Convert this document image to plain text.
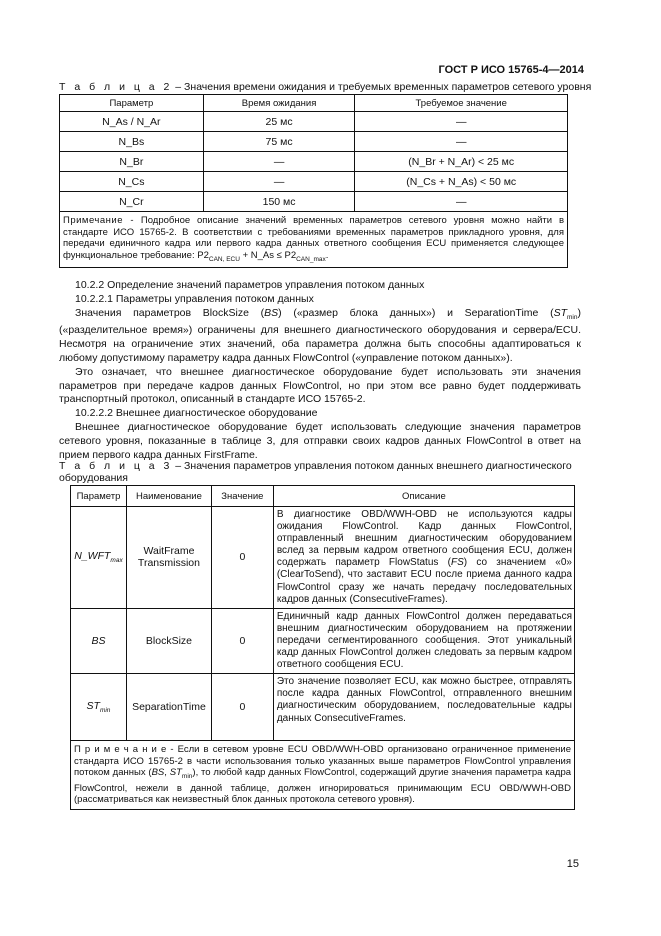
ГОСТ Р ИСО 15765-4—2014
Т а б л и ц а 2 – Значения времени ожидания и требуемых временных параметров сетевого уровня
Параметр	Время ожидания	Требуемое значение
N_As / N_Ar	25 мс	—
N_Bs	75 мс	—
N_Br	—	(N_Br + N_Ar) < 25 мс
N_Cs	—	(N_Cs + N_As) < 50 мс
N_Cr	150 мс	—
Примечание - Подробное описание значений временных параметров сетевого уровня можно найти в стандарте ИСО 15765-2. В соответствии с требованиями временных параметров прикладного уровня, для передачи единичного кадра или первого кадра данных ответного сообщения ECU применяется следующее функциональное требование: $P2_{CAN, ECU}$ + N_As ≤ $P2_{CAN\_max}$.		

10.2.2 Определение значений параметров управления потоком данных

10.2.2.1 Параметры управления потоком данных

Значения параметров BlockSize (BS) («размер блока данных») и SeparationTime $(ST_{min})$ («разделительное время») ограничены для внешнего диагностического оборудования и сервера/ECU. Несмотря на ограничение этих значений, оба параметра должна быть способны адаптироваться к любому допустимому параметру кадра данных FlowControl («управление потоком данных»).

Это означает, что внешнее диагностическое оборудование будет использовать эти значения параметров при передаче кадров данных FlowControl, но при этом все равно будет поддерживать транспортный протокол, описанный в стандарте ИСО 15765-2.

10.2.2.2 Внешнее диагностическое оборудование

Внешнее диагностическое оборудование будет использовать следующие значения параметров сетевого уровня, показанные в таблице 3, для отправки своих кадров данных FlowControl в ответ на прием первого кадра данных FirstFrame.

Т а б л и ц а 3 – Значения параметров управления потоком данных внешнего диагностического оборудования
Параметр	Наименование	Значение	Описание
$N\_WFT_{max}$	WaitFrame Transmission	0	В диагностике OBD/WWH-OBD не используются кадры ожидания FlowControl. Кадр данных FlowControl, отправленный внешним диагностическим оборудованием вслед за первым кадром ответного сообщения ECU, должен содержать параметр FlowStatus (FS) со значением «0» (ClearToSend), что заставит ECU после приема данного кадра FlowControl сразу же начать передачу последовательных кадров данных (ConsecutiveFrames).
BS	BlockSize	0	Единичный кадр данных FlowControl должен передаваться внешним диагностическим оборудованием на протяжении передачи сегментированного сообщения. Этот уникальный кадр данных FlowControl должен следовать за первым кадром ответного сообщения ECU.
$ST_{min}$	SeparationTime	0	Это значение позволяет ECU, как можно быстрее, отправлять после кадра данных FlowControl, отправленного внешним диагностическим оборудованием, последовательные кадры данных ConsecutiveFrames.
П р и м е ч а н и е - Если в сетевом уровне ECU OBD/WWH-OBD организовано ограниченное применение стандарта ИСО 15765-2 в части использования только указанных выше параметров FlowControl управления потоком данных (BS, $ST_{min}$), то любой кадр данных FlowControl, содержащий другие значения параметра кадра FlowControl, нежели в данной таблице, должен игнорироваться принимающим ECU OBD/WWH-OBD (рассматриваться как неизвестный блок данных протокола сетевого уровня).			
15
